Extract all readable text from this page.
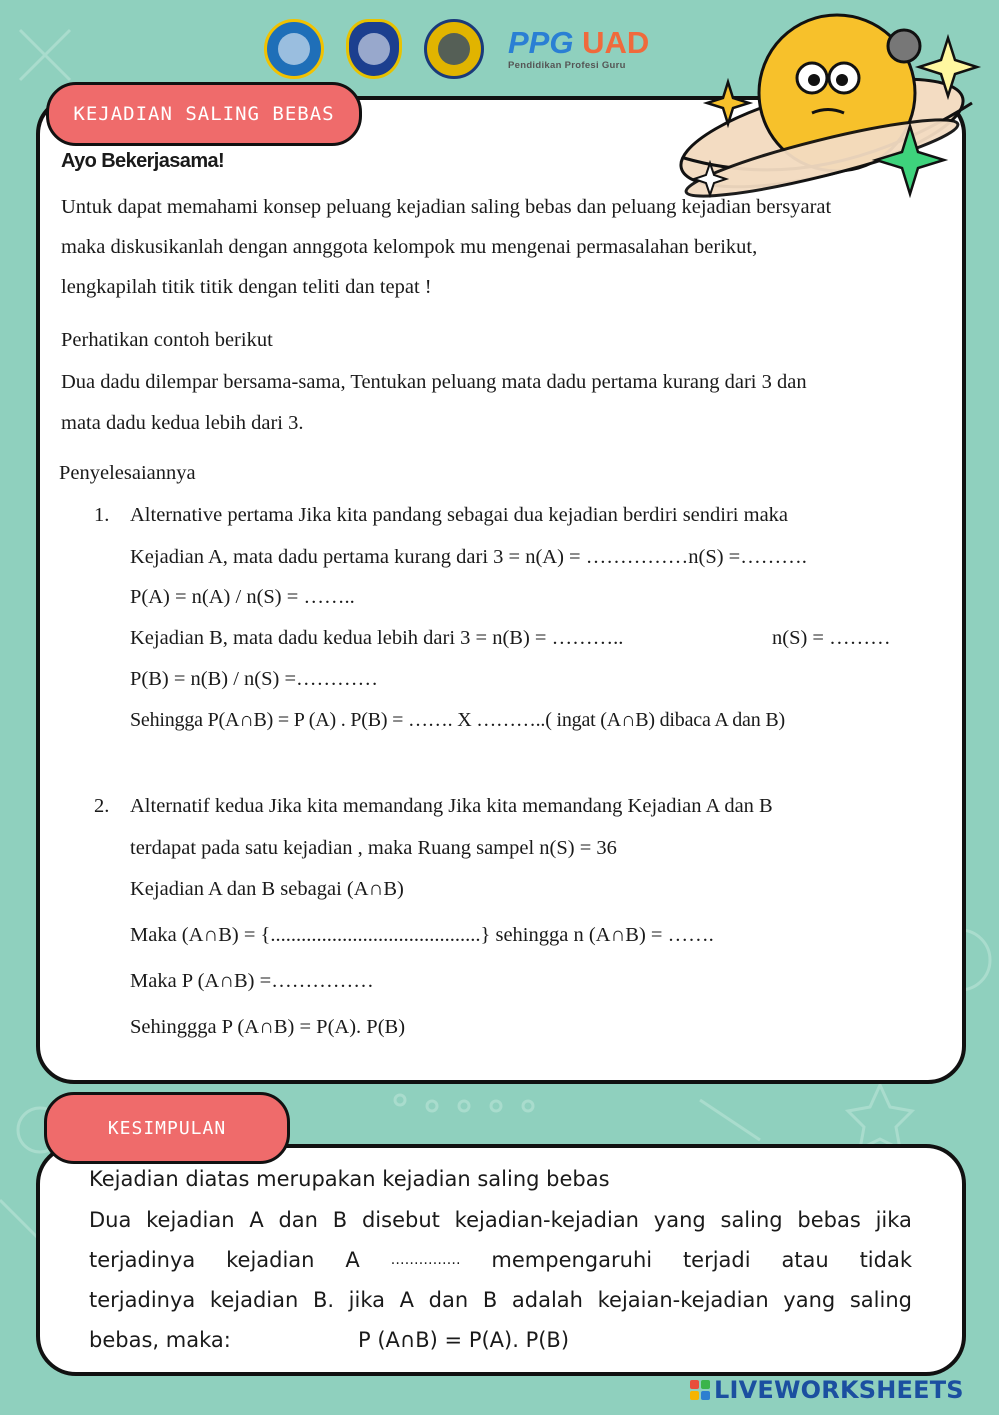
PPG UAD
Pendidikan Profesi Guru
KEJADIAN SALING BEBAS
Ayo Bekerjasama!
Untuk dapat memahami konsep peluang kejadian saling bebas dan peluang kejadian bersyarat
maka diskusikanlah dengan annggota kelompok mu mengenai permasalahan berikut,
lengkapilah titik titik dengan teliti dan tepat !
Perhatikan contoh berikut
Dua dadu dilempar bersama-sama, Tentukan peluang mata dadu pertama kurang dari 3 dan
mata dadu kedua lebih dari 3.
Penyelesaiannya
1. Alternative pertama Jika kita pandang sebagai dua kejadian berdiri sendiri maka
Kejadian A, mata dadu pertama kurang dari 3 = n(A) = ……………n(S) =……….
P(A) = n(A) / n(S) = ……..
Kejadian B, mata dadu kedua lebih dari 3 = n(B) = ………..	n(S) = ………
P(B) = n(B) / n(S) =…………
Sehingga P(A∩B) = P (A) . P(B) = ……. X ………..( ingat (A∩B) dibaca A dan B)
2. Alternatif kedua Jika kita memandang Jika kita memandang Kejadian A dan B
terdapat pada satu kejadian , maka Ruang sampel n(S) = 36
Kejadian A dan B sebagai (A∩B)
Maka (A∩B) = {.........................................} sehingga n (A∩B) = …….
Maka P (A∩B) =……………
Sehinggga P (A∩B) = P(A). P(B)
KESIMPULAN
Kejadian diatas merupakan kejadian saling bebas
Dua kejadian A dan B disebut kejadian-kejadian yang saling bebas jika
terjadinya kejadian A …………… mempengaruhi terjadi atau tidak
terjadinya kejadian B. jika A dan B adalah kejaian-kejadian yang saling
bebas, maka:	P (A∩B) = P(A). P(B)
LIVEWORKSHEETS
